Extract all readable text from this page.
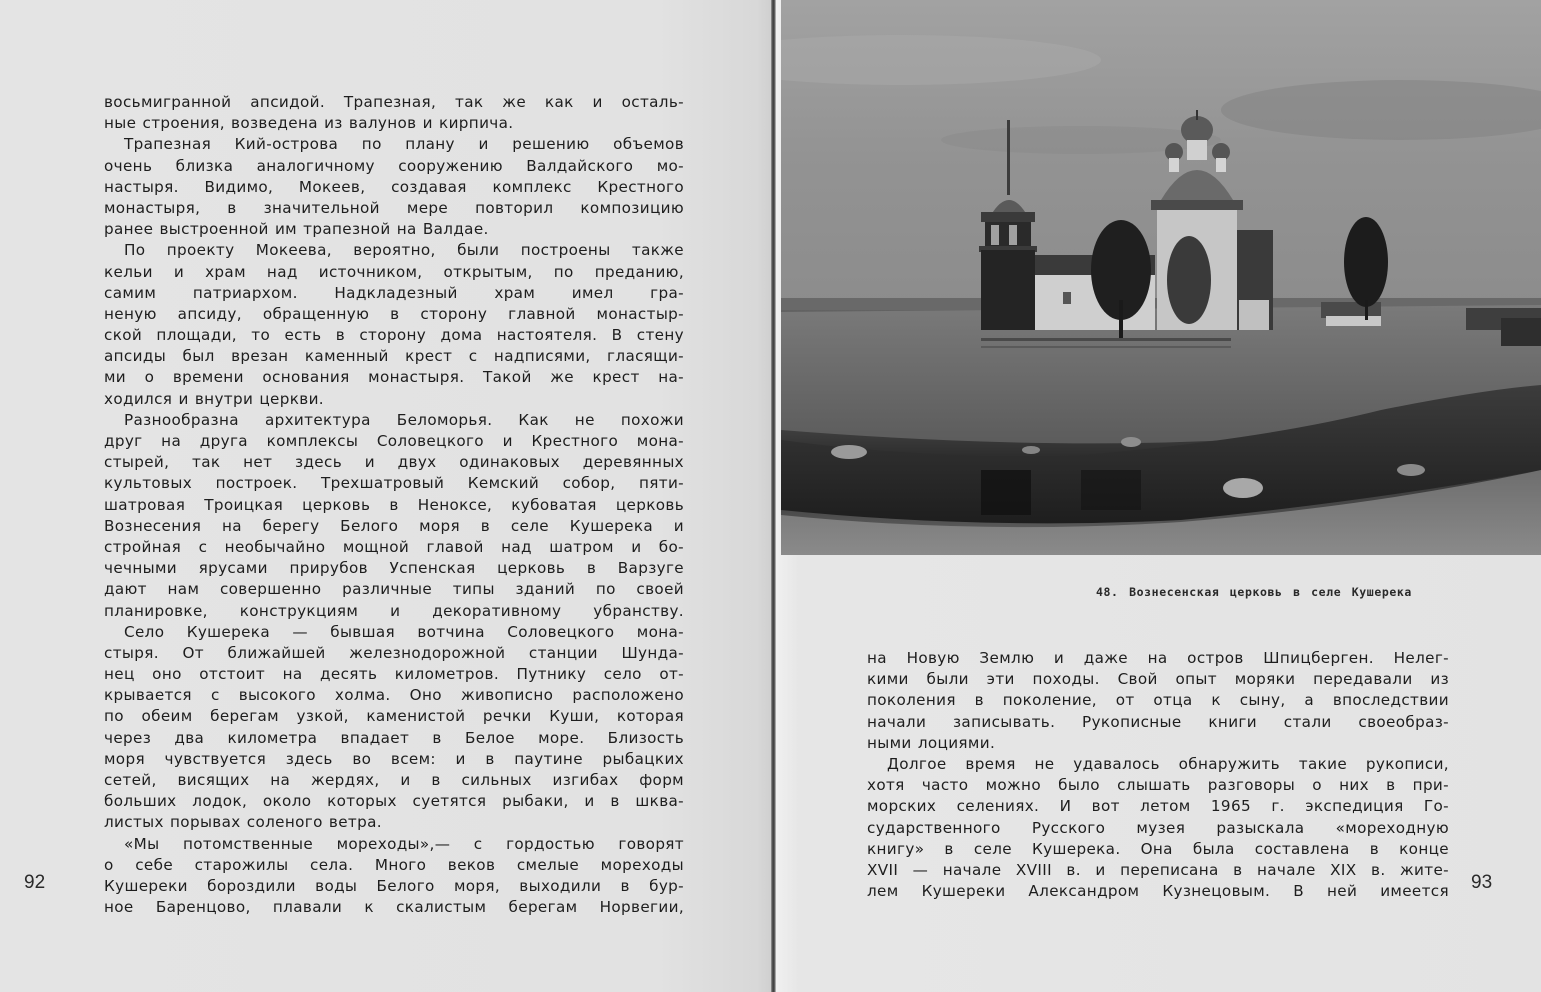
восьмигранной апсидой. Трапезная, так же как и осталь-
ные строения, возведена из валунов и кирпича.
Трапезная Кий-острова по плану и решению объемов
очень близка аналогичному сооружению Валдайского мо-
настыря. Видимо, Мокеев, создавая комплекс Крестного
монастыря, в значительной мере повторил композицию
ранее выстроенной им трапезной на Валдае.
По проекту Мокеева, вероятно, были построены также
кельи и храм над источником, открытым, по преданию,
самим патриархом. Надкладезный храм имел гра-
неную апсиду, обращенную в сторону главной монастыр-
ской площади, то есть в сторону дома настоятеля. В стену
апсиды был врезан каменный крест с надписями, гласящи-
ми о времени основания монастыря. Такой же крест на-
ходился и внутри церкви.
Разнообразна архитектура Беломорья. Как не похожи
друг на друга комплексы Соловецкого и Крестного мона-
стырей, так нет здесь и двух одинаковых деревянных
культовых построек. Трехшатровый Кемский собор, пяти-
шатровая Троицкая церковь в Неноксе, кубоватая церковь
Вознесения на берегу Белого моря в селе Кушерека и
стройная с необычайно мощной главой над шатром и бо-
чечными ярусами прирубов Успенская церковь в Варзуге
дают нам совершенно различные типы зданий по своей
планировке, конструкциям и декоративному убранству.
Село Кушерека — бывшая вотчина Соловецкого мона-
стыря. От ближайшей железнодорожной станции Шунда-
нец оно отстоит на десять километров. Путнику село от-
крывается с высокого холма. Оно живописно расположено
по обеим берегам узкой, каменистой речки Куши, которая
через два километра впадает в Белое море. Близость
моря чувствуется здесь во всем: и в паутине рыбацких
сетей, висящих на жердях, и в сильных изгибах форм
больших лодок, около которых суетятся рыбаки, и в шква-
листых порывах соленого ветра.
«Мы потомственные мореходы»,— с гордостью говорят
о себе старожилы села. Много веков смелые мореходы
Кушереки бороздили воды Белого моря, выходили в бур-
ное Баренцово, плавали к скалистым берегам Норвегии,
92
на Новую Землю и даже на остров Шпицберген. Нелег-
кими были эти походы. Свой опыт моряки передавали из
поколения в поколение, от отца к сыну, а впоследствии
начали записывать. Рукописные книги стали своеобраз-
ными лоциями.
Долгое время не удавалось обнаружить такие рукописи,
хотя часто можно было слышать разговоры о них в при-
морских селениях. И вот летом 1965 г. экспедиция Го-
сударственного Русского музея разыскала «мореходную
книгу» в селе Кушерека. Она была составлена в конце
XVII — начале XVIII в. и переписана в начале XIX в. жите-
лем Кушереки Александром Кузнецовым. В ней имеется 93
48. Вознесенская церковь в селе Кушерека
